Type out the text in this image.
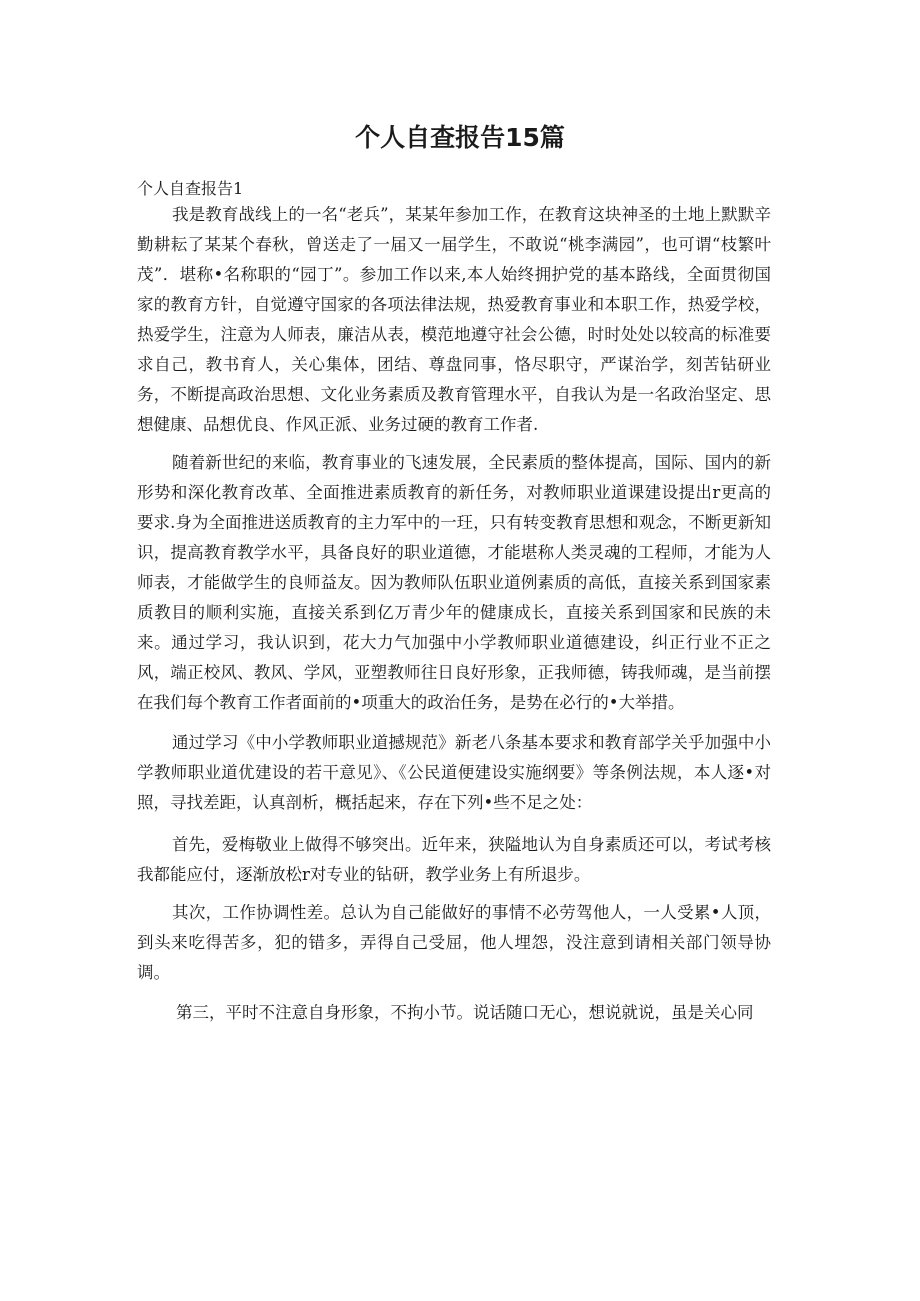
个人自查报告15篇

个人自查报告1

我是教育战线上的一名“老兵”，某某年参加工作，在教育这块神圣的土地上默默辛勤耕耘了某某个春秋，曾送走了一届又一届学生，不敢说“桃李满园”，也可谓“枝繁叶茂”．堪称•名称职的“园丁”。参加工作以来,本人始终拥护党的基本路线，全面贯彻国家的教育方针，自觉遵守国家的各项法律法规，热爱教育事业和本职工作，热爱学校，热爱学生，注意为人师表，廉洁从表，模范地遵守社会公德，时时处处以较高的标准要求自己，教书育人，关心集体，团结、尊盘同事，恪尽职守，严谋治学，刻苦钻研业务，不断提高政治思想、文化业务素质及教育管理水平，自我认为是一名政治坚定、思想健康、品想优良、作风正派、业务过硬的教育工作者.

随着新世纪的来临，教育事业的飞速发展，全民素质的整体提高，国际、国内的新形势和深化教育改革、全面推进素质教育的新任务，对教师职业道课建设提出r更高的要求.身为全面推进送质教育的主力军中的一玨，只有转变教育思想和观念，不断更新知识，提高教育教学水平，具备良好的职业道德，才能堪称人类灵魂的工程师，才能为人师表，才能做学生的良师益友。因为教师队伍职业道例素质的高低，直接关系到国家素质教目的顺利实施，直接关系到亿万青少年的健康成长，直接关系到国家和民族的未来。通过学习，我认识到，花大力气加强中小学教师职业道德建设，纠正行业不正之风，端正校风、教风、学风，亚塑教师往日良好形象，正我师德，铸我师魂，是当前摆在我们每个教育工作者面前的•项重大的政治任务，是势在必行的•大举措。

通过学习《中小学教师职业道撼规范》新老八条基本要求和教育部学关乎加强中小学教师职业道优建设的若干意见》、《公民道便建设实施纲要》等条例法规，本人逐•对照，寻找差距，认真剖析，概括起来，存在下列•些不足之处：

首先，爱梅敬业上做得不够突出。近年来，狭隘地认为自身素质还可以，考试考核我都能应付，逐渐放松r对专业的钻研，教学业务上有所退步。

其次，工作协调性差。总认为自己能做好的事情不必劳驾他人，一人受累•人顶，到头来吃得苦多，犯的错多，弄得自己受屈，他人埋怨，没注意到请相关部门领导协调。

第三，平时不注意自身形象，不拘小节。说话随口无心，想说就说，虽是关心同
